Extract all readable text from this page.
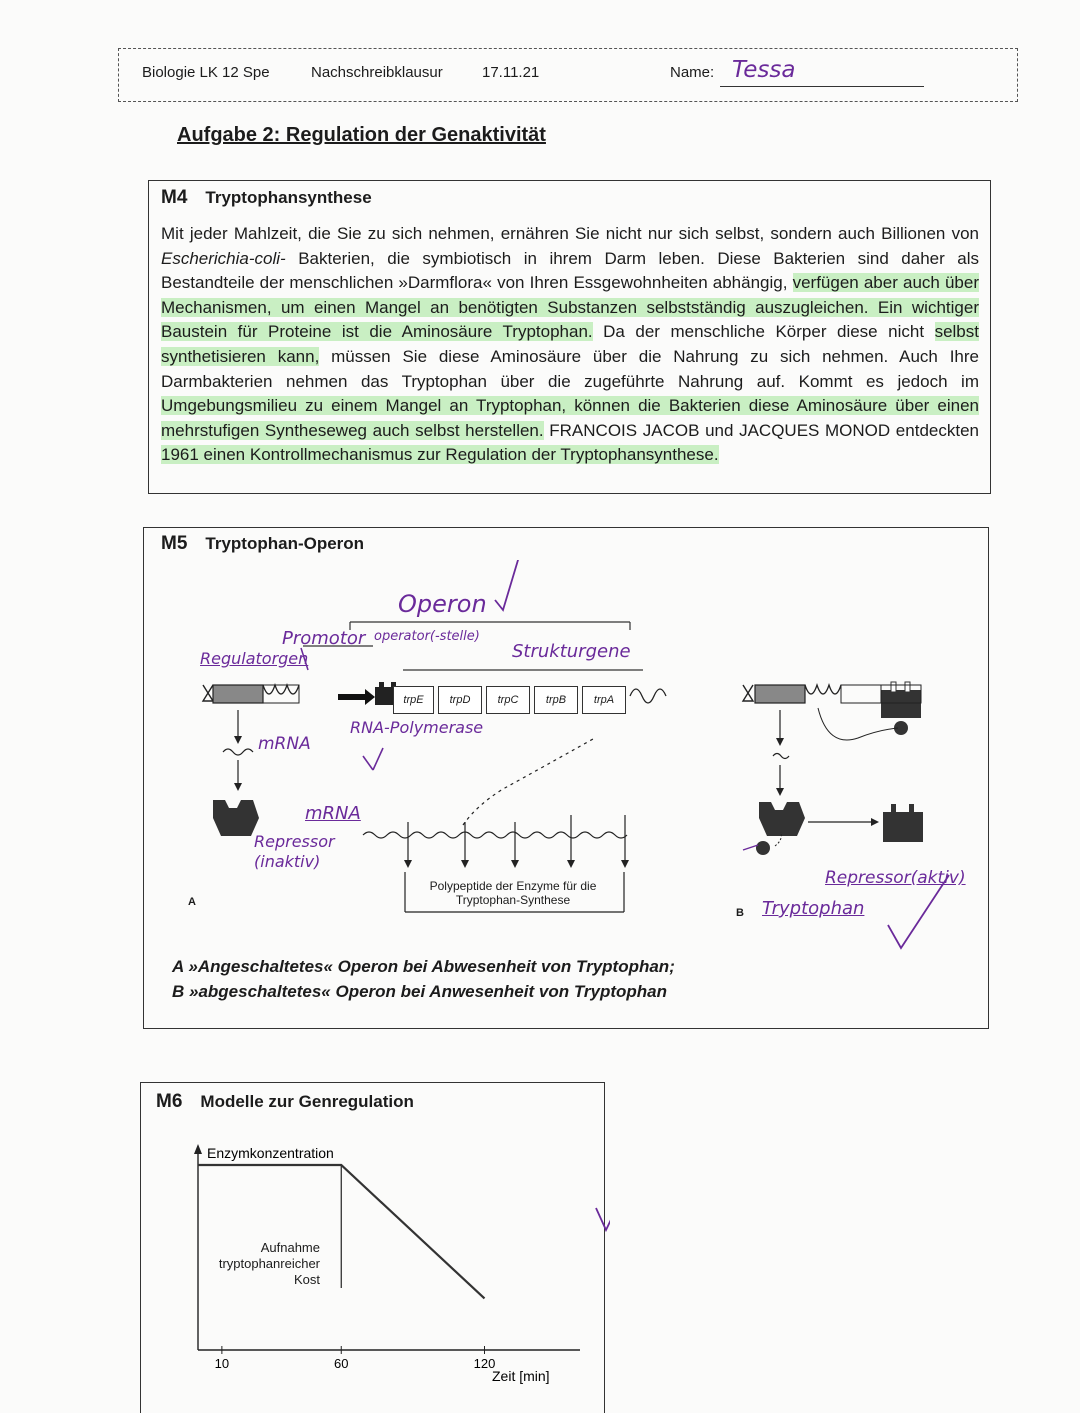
Biologie LK 12 Spe	Nachschreibklausur	17.11.21	Name: Tessa
Aufgabe 2: Regulation der Genaktivität
M4 Tryptophansynthese
Mit jeder Mahlzeit, die Sie zu sich nehmen, ernähren Sie nicht nur sich selbst, sondern auch Billionen von Escherichia-coli- Bakterien, die symbiotisch in ihrem Darm leben. Diese Bakterien sind daher als Bestandteile der menschlichen »Darmflora« von Ihren Essgewohnheiten abhängig, verfügen aber auch über Mechanismen, um einen Mangel an benötigten Substanzen selbstständig auszugleichen. Ein wichtiger Baustein für Proteine ist die Aminosäure Tryptophan. Da der menschliche Körper diese nicht selbst synthetisieren kann, müssen Sie diese Aminosäure über die Nahrung zu sich nehmen. Auch Ihre Darmbakterien nehmen das Tryptophan über die zugeführte Nahrung auf. Kommt es jedoch im Umgebungsmilieu zu einem Mangel an Tryptophan, können die Bakterien diese Aminosäure über einen mehrstufigen Syntheseweg auch selbst herstellen. FRANCOIS JACOB und JACQUES MONOD entdeckten 1961 einen Kontrollmechanismus zur Regulation der Tryptophansynthese.
M5 Tryptophan-Operon
Operon
Promotor operator(-stelle)
Strukturgene
Regulatorgen
mRNA
RNA-Polymerase
mRNA
Repressor (inaktiv)
Repressor(aktiv)
Tryptophan
trpE	trpD	trpC	trpB	trpA
Polypeptide der Enzyme für die Tryptophan-Synthese
A
B
A »Angeschaltetes« Operon bei Abwesenheit von Tryptophan;
B »abgeschaltetes« Operon bei Anwesenheit von Tryptophan
M6 Modelle zur Genregulation
Enzymkonzentration
Zeit [min]
10	60	120
Aufnahme tryptophanreicher Kost
